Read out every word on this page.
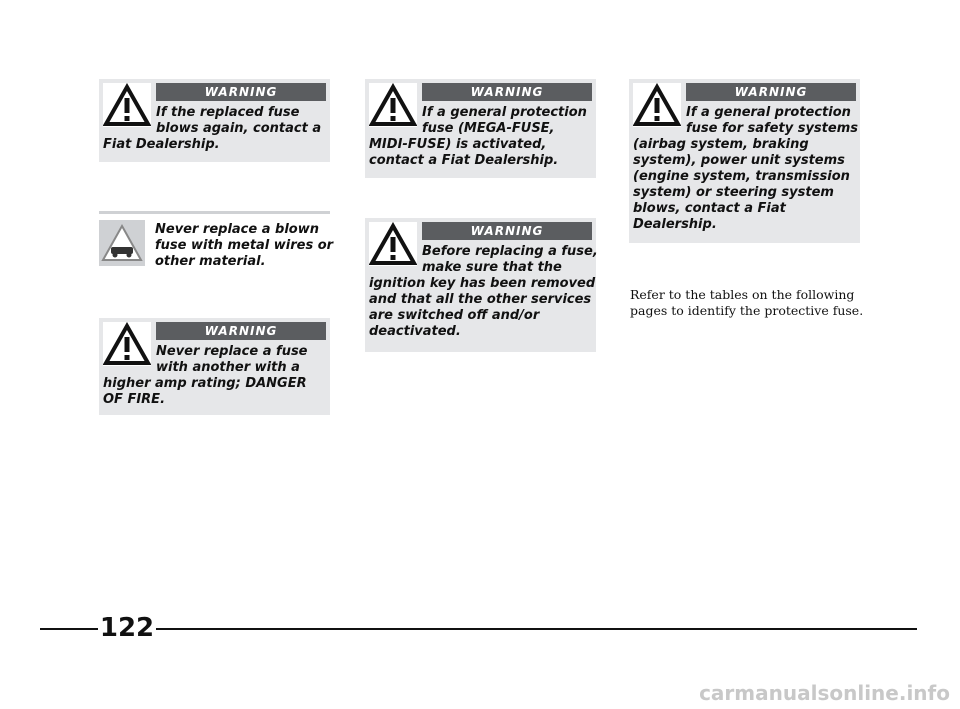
WARNING
If the replaced fuse
blows again, contact a
Fiat Dealership.
Never replace a blown
fuse with metal wires or
other material.
WARNING
Never replace a fuse
with another with a
higher amp rating; DANGER
OF FIRE.
WARNING
If a general protection
fuse (MEGA-FUSE,
MIDI-FUSE) is activated,
contact a Fiat Dealership.
WARNING
Before replacing a fuse,
make sure that the
ignition key has been removed
and that all the other services
are switched off and/or
deactivated.
WARNING
If a general protection
fuse for safety systems
(airbag system, braking
system), power unit systems
(engine system, transmission
system) or steering system
blows, contact a Fiat
Dealership.
Refer to the tables on the following
pages to identify the protective fuse.
122
carmanualsonline.info
